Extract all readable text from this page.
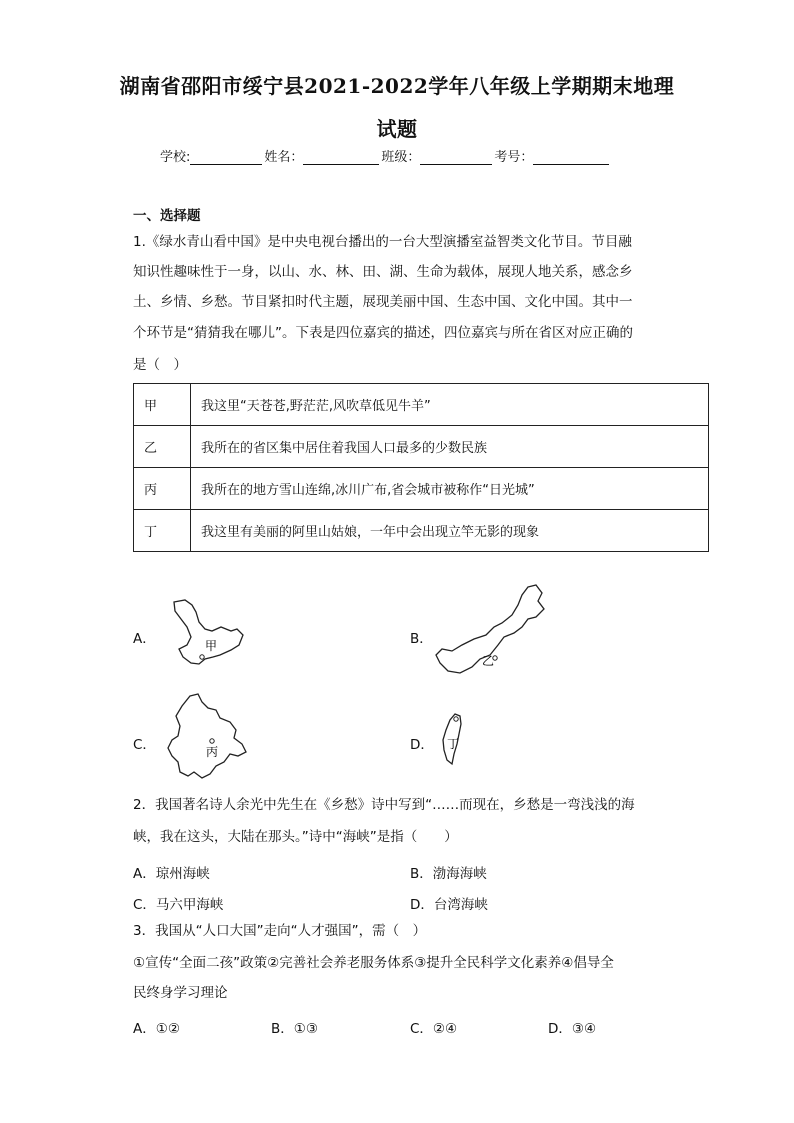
湖南省邵阳市绥宁县2021-2022学年八年级上学期期末地理
试题
学校:	姓名：	班级：	考号：
一、选择题
1.《绿水青山看中国》是中央电视台播出的一台大型演播室益智类文化节目。节目融
知识性趣味性于一身，以山、水、林、田、湖、生命为载体，展现人地关系，感念乡
土、乡情、乡愁。节目紧扣时代主题，展现美丽中国、生态中国、文化中国。其中一
个环节是“猜猜我在哪儿”。下表是四位嘉宾的描述，四位嘉宾与所在省区对应正确的
是（　）
甲	我这里“天苍苍,野茫茫,风吹草低见牛羊”
乙	我所在的省区集中居住着我国人口最多的少数民族
丙	我所在的地方雪山连绵,冰川广布,省会城市被称作“日光城”
丁	我这里有美丽的阿里山姑娘，一年中会出现立竿无影的现象
A．	甲	B．
乙
C．	丙	D． 丁
2．我国著名诗人余光中先生在《乡愁》诗中写到“……而现在，乡愁是一弯浅浅的海
峡，我在这头，大陆在那头。”诗中“海峡”是指（　　）
A．琼州海峡	B．渤海海峡
C．马六甲海峡	D．台湾海峡
3．我国从“人口大国”走向“人才强国”，需（　）
①宣传“全面二孩”政策②完善社会养老服务体系③提升全民科学文化素养④倡导全
民终身学习理论
A．①②	B．①③	C．②④	D．③④
